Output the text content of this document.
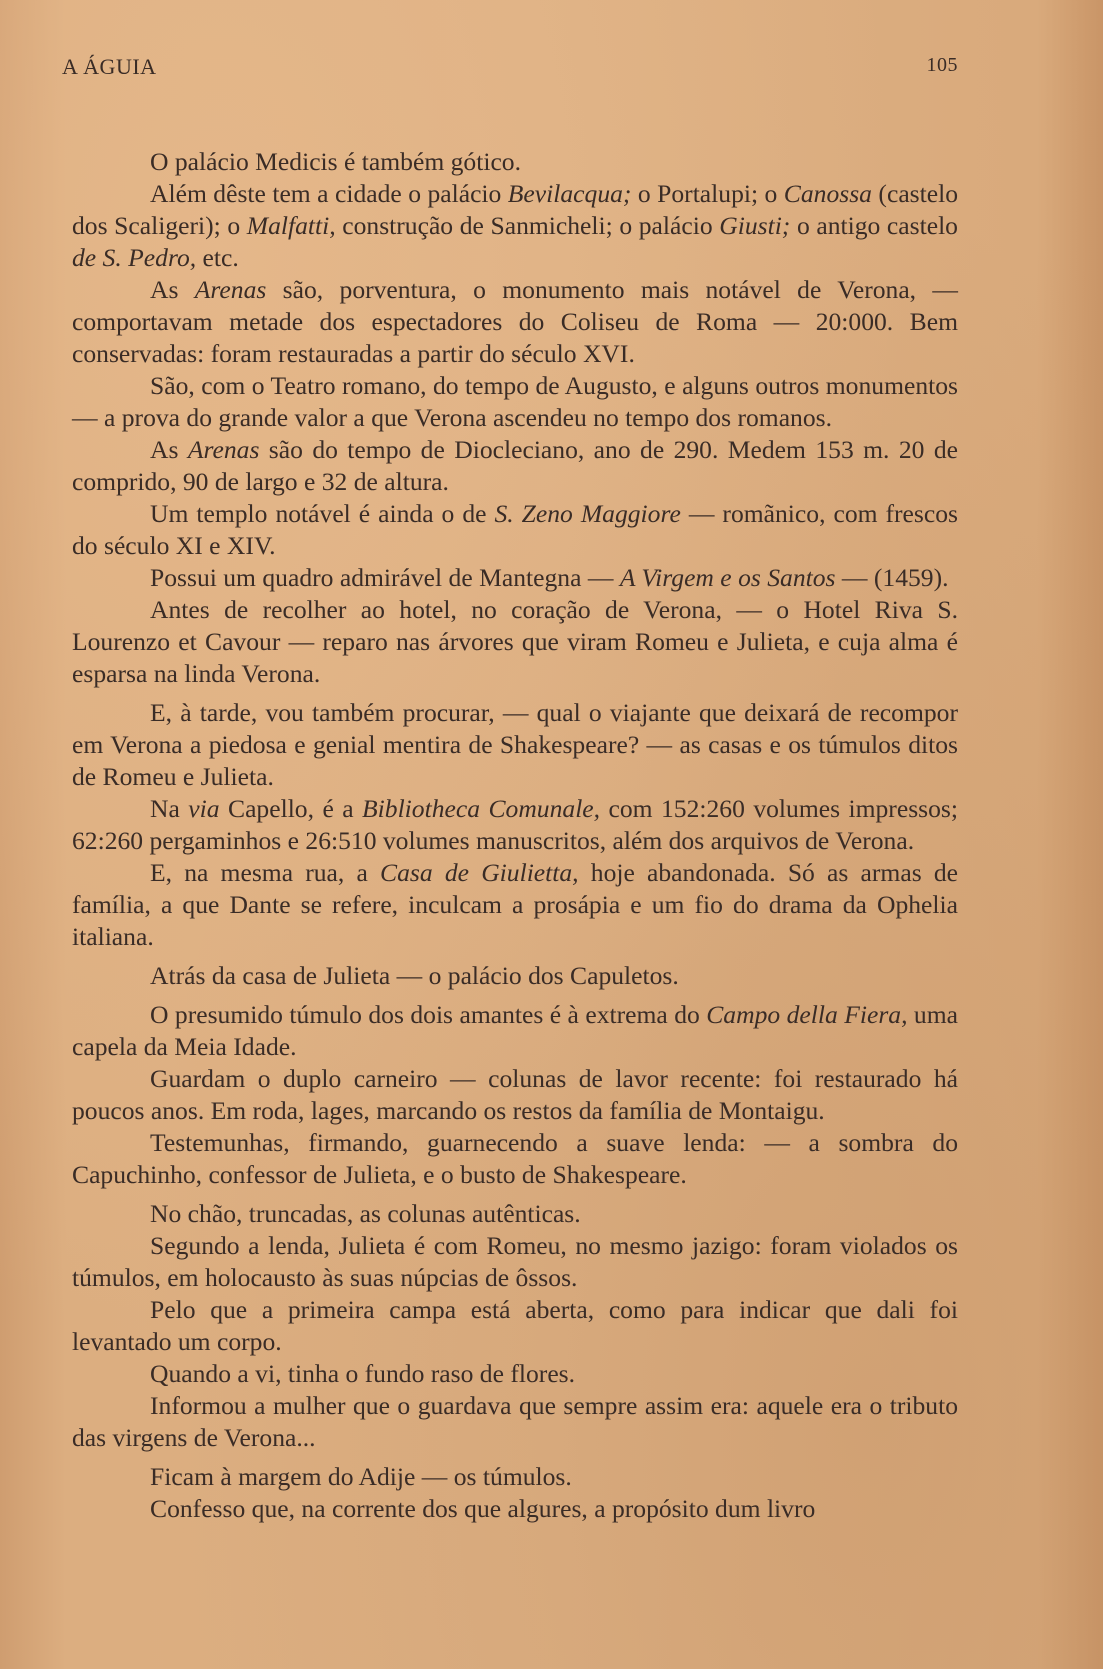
A ÁGUIA	105

O palácio Medicis é também gótico.

Além dêste tem a cidade o palácio Bevilacqua; o Portalupi; o Canossa (castelo dos Scaligeri); o Malfatti, construção de Sanmicheli; o palácio Giusti; o antigo castelo de S. Pedro, etc.

As Arenas são, porventura, o monumento mais notável de Verona, — comportavam metade dos espectadores do Coliseu de Roma — 20:000. Bem conservadas: foram restauradas a partir do século XVI.

São, com o Teatro romano, do tempo de Augusto, e alguns outros monumentos — a prova do grande valor a que Verona ascendeu no tempo dos romanos.

As Arenas são do tempo de Diocleciano, ano de 290. Medem 153 m. 20 de comprido, 90 de largo e 32 de altura.

Um templo notável é ainda o de S. Zeno Maggiore — romãnico, com frescos do século XI e XIV.

Possui um quadro admirável de Mantegna — A Virgem e os Santos — (1459).

Antes de recolher ao hotel, no coração de Verona, — o Hotel Riva S. Lourenzo et Cavour — reparo nas árvores que viram Romeu e Julieta, e cuja alma é esparsa na linda Verona.

E, à tarde, vou também procurar, — qual o viajante que deixará de recompor em Verona a piedosa e genial mentira de Shakespeare? — as casas e os túmulos ditos de Romeu e Julieta.

Na via Capello, é a Bibliotheca Comunale, com 152:260 volumes impressos; 62:260 pergaminhos e 26:510 volumes manuscritos, além dos arquivos de Verona.

E, na mesma rua, a Casa de Giulietta, hoje abandonada. Só as armas de família, a que Dante se refere, inculcam a prosápia e um fio do drama da Ophelia italiana.

Atrás da casa de Julieta — o palácio dos Capuletos.

O presumido túmulo dos dois amantes é à extrema do Campo della Fiera, uma capela da Meia Idade.

Guardam o duplo carneiro — colunas de lavor recente: foi restaurado há poucos anos. Em roda, lages, marcando os restos da família de Montaigu.

Testemunhas, firmando, guarnecendo a suave lenda: — a sombra do Capuchinho, confessor de Julieta, e o busto de Shakespeare.

No chão, truncadas, as colunas autênticas.

Segundo a lenda, Julieta é com Romeu, no mesmo jazigo: foram violados os túmulos, em holocausto às suas núpcias de ôssos.

Pelo que a primeira campa está aberta, como para indicar que dali foi levantado um corpo.

Quando a vi, tinha o fundo raso de flores.

Informou a mulher que o guardava que sempre assim era: aquele era o tributo das virgens de Verona...

Ficam à margem do Adije — os túmulos.

Confesso que, na corrente dos que algures, a propósito dum livro
